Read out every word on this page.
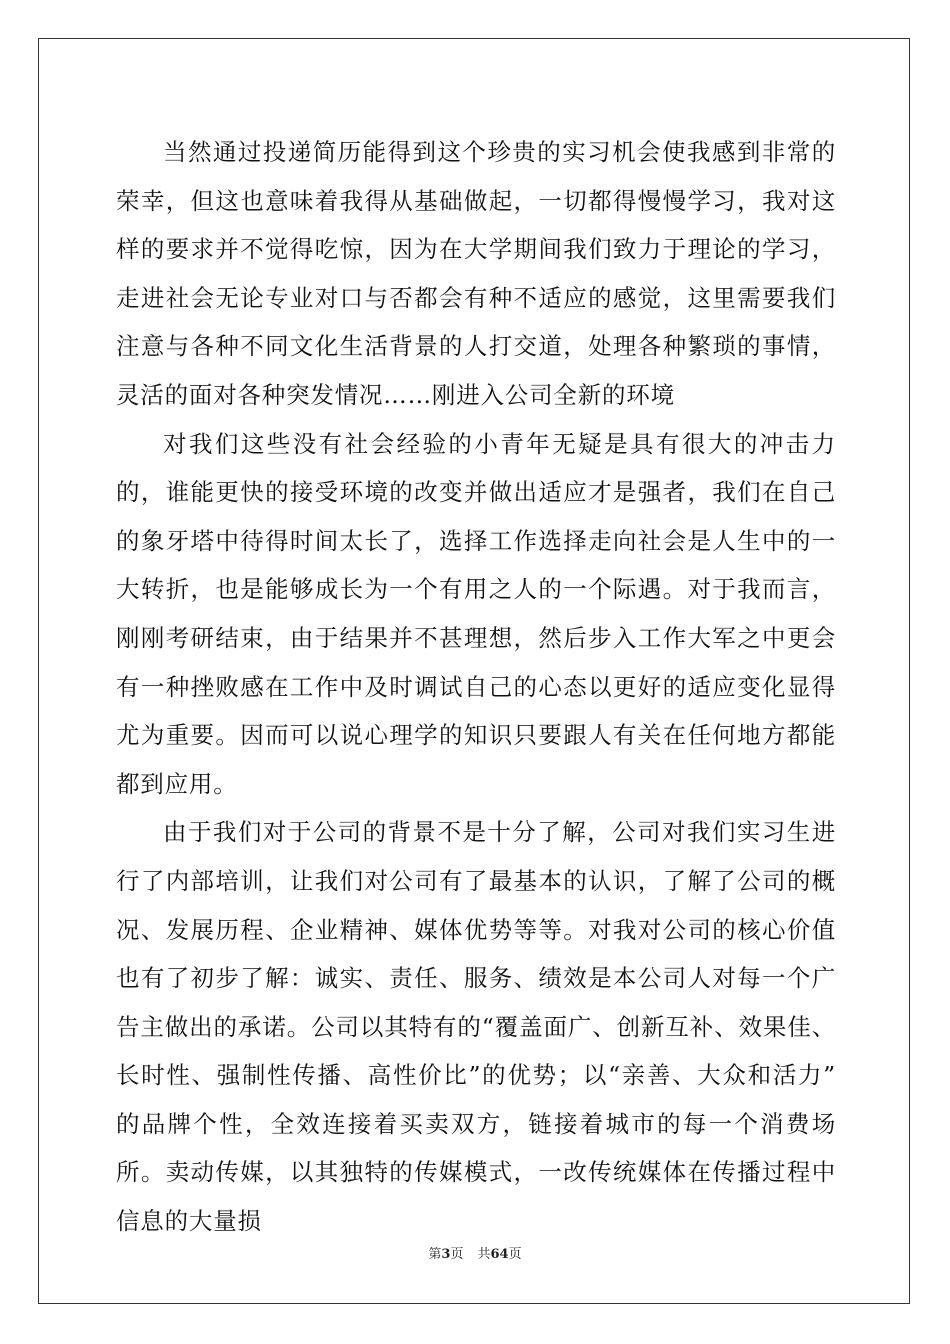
当然通过投递简历能得到这个珍贵的实习机会使我感到非常的荣幸，但这也意味着我得从基础做起，一切都得慢慢学习，我对这样的要求并不觉得吃惊，因为在大学期间我们致力于理论的学习，走进社会无论专业对口与否都会有种不适应的感觉，这里需要我们注意与各种不同文化生活背景的人打交道，处理各种繁琐的事情，灵活的面对各种突发情况……刚进入公司全新的环境

对我们这些没有社会经验的小青年无疑是具有很大的冲击力的，谁能更快的接受环境的改变并做出适应才是强者，我们在自己的象牙塔中待得时间太长了，选择工作选择走向社会是人生中的一大转折，也是能够成长为一个有用之人的一个际遇。对于我而言，刚刚考研结束，由于结果并不甚理想，然后步入工作大军之中更会有一种挫败感在工作中及时调试自己的心态以更好的适应变化显得尤为重要。因而可以说心理学的知识只要跟人有关在任何地方都能都到应用。

由于我们对于公司的背景不是十分了解，公司对我们实习生进行了内部培训，让我们对公司有了最基本的认识，了解了公司的概况、发展历程、企业精神、媒体优势等等。对我对公司的核心价值也有了初步了解：诚实、责任、服务、绩效是本公司人对每一个广告主做出的承诺。公司以其特有的“覆盖面广、创新互补、效果佳、长时性、强制性传播、高性价比”的优势；以“亲善、大众和活力” 的品牌个性，全效连接着买卖双方，链接着城市的每一个消费场所。卖动传媒，以其独特的传媒模式，一改传统媒体在传播过程中信息的大量损

第3页 共64页
